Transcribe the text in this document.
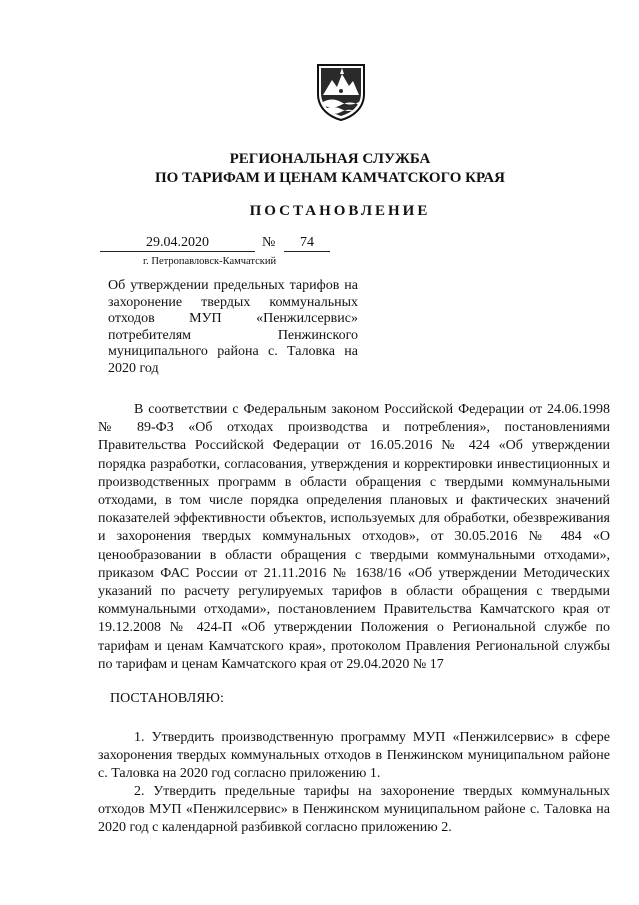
РЕГИОНАЛЬНАЯ СЛУЖБА
ПО ТАРИФАМ И ЦЕНАМ КАМЧАТСКОГО КРАЯ
ПОСТАНОВЛЕНИЕ
29.04.2020	№	74
г. Петропавловск-Камчатский
Об утверждении предельных тарифов на захоронение твердых коммунальных отходов МУП «Пенжилсервис» потребителям Пенжинского муниципального района с. Таловка на 2020 год

В соответствии с Федеральным законом Российской Федерации от 24.06.1998 № 89-ФЗ «Об отходах производства и потребления», постановлениями Правительства Российской Федерации от 16.05.2016 № 424 «Об утверждении порядка разработки, согласования, утверждения и корректировки инвестиционных и производственных программ в области обращения с твердыми коммунальными отходами, в том числе порядка определения плановых и фактических значений показателей эффективности объектов, используемых для обработки, обезвреживания и захоронения твердых коммунальных отходов», от 30.05.2016 № 484 «О ценообразовании в области обращения с твердыми коммунальными отходами», приказом ФАС России от 21.11.2016 № 1638/16 «Об утверждении Методических указаний по расчету регулируемых тарифов в области обращения с твердыми коммунальными отходами», постановлением Правительства Камчатского края от 19.12.2008 № 424-П «Об утверждении Положения о Региональной службе по тарифам и ценам Камчатского края», протоколом Правления Региональной службы по тарифам и ценам Камчатского края от 29.04.2020 № 17

ПОСТАНОВЛЯЮ:

1. Утвердить производственную программу МУП «Пенжилсервис» в сфере захоронения твердых коммунальных отходов в Пенжинском муниципальном районе с. Таловка на 2020 год согласно приложению 1.

2. Утвердить предельные тарифы на захоронение твердых коммунальных отходов МУП «Пенжилсервис» в Пенжинском муниципальном районе с. Таловка на 2020 год с календарной разбивкой согласно приложению 2.
